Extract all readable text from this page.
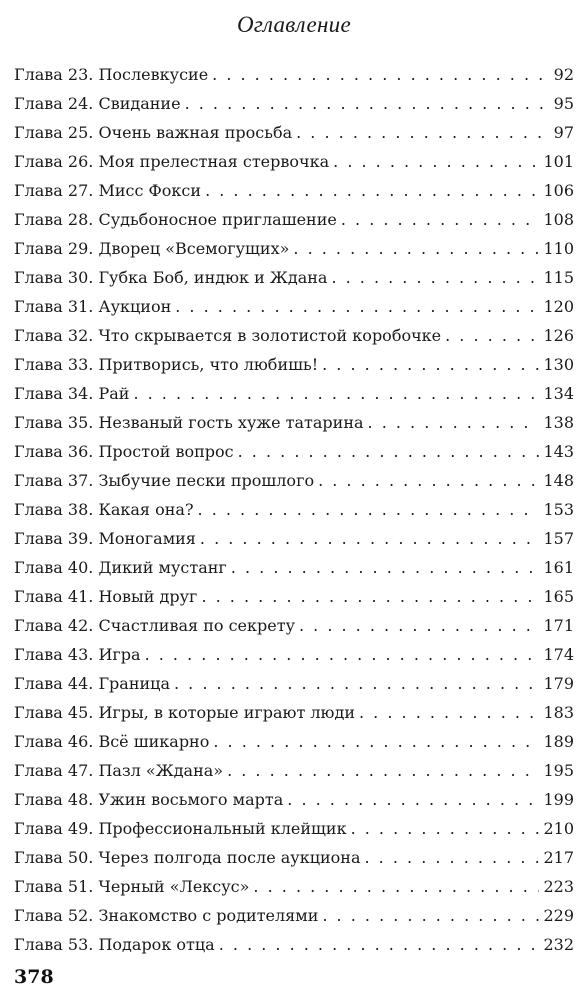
Оглавление
Глава 23. Послевкусие . . .	92
Глава 24. Свидание . . .	95
Глава 25. Очень важная просьба . . .	97
Глава 26. Моя прелестная стервочка . . .	101
Глава 27. Мисс Фокси . . .	106
Глава 28. Судьбоносное приглашение . . .	108
Глава 29. Дворец «Всемогущих» . . .	110
Глава 30. Губка Боб, индюк и Ждана . . .	115
Глава 31. Аукцион . . .	120
Глава 32. Что скрывается в золотистой коробочке . . .	126
Глава 33. Притворись, что любишь! . . .	130
Глава 34. Рай . . .	134
Глава 35. Незваный гость хуже татарина . . .	138
Глава 36. Простой вопрос . . .	143
Глава 37. Зыбучие пески прошлого . . .	148
Глава 38. Какая она? . . .	153
Глава 39. Моногамия . . .	157
Глава 40. Дикий мустанг . . .	161
Глава 41. Новый друг . . .	165
Глава 42. Счастливая по секрету . . .	171
Глава 43. Игра . . .	174
Глава 44. Граница . . .	179
Глава 45. Игры, в которые играют люди . . .	183
Глава 46. Всё шикарно . . .	189
Глава 47. Пазл «Ждана» . . .	195
Глава 48. Ужин восьмого марта . . .	199
Глава 49. Профессиональный клейщик . . .	210
Глава 50. Через полгода после аукциона . . .	217
Глава 51. Черный «Лексус» . . .	223
Глава 52. Знакомство с родителями . . .	229
Глава 53. Подарок отца . . .	232
378
